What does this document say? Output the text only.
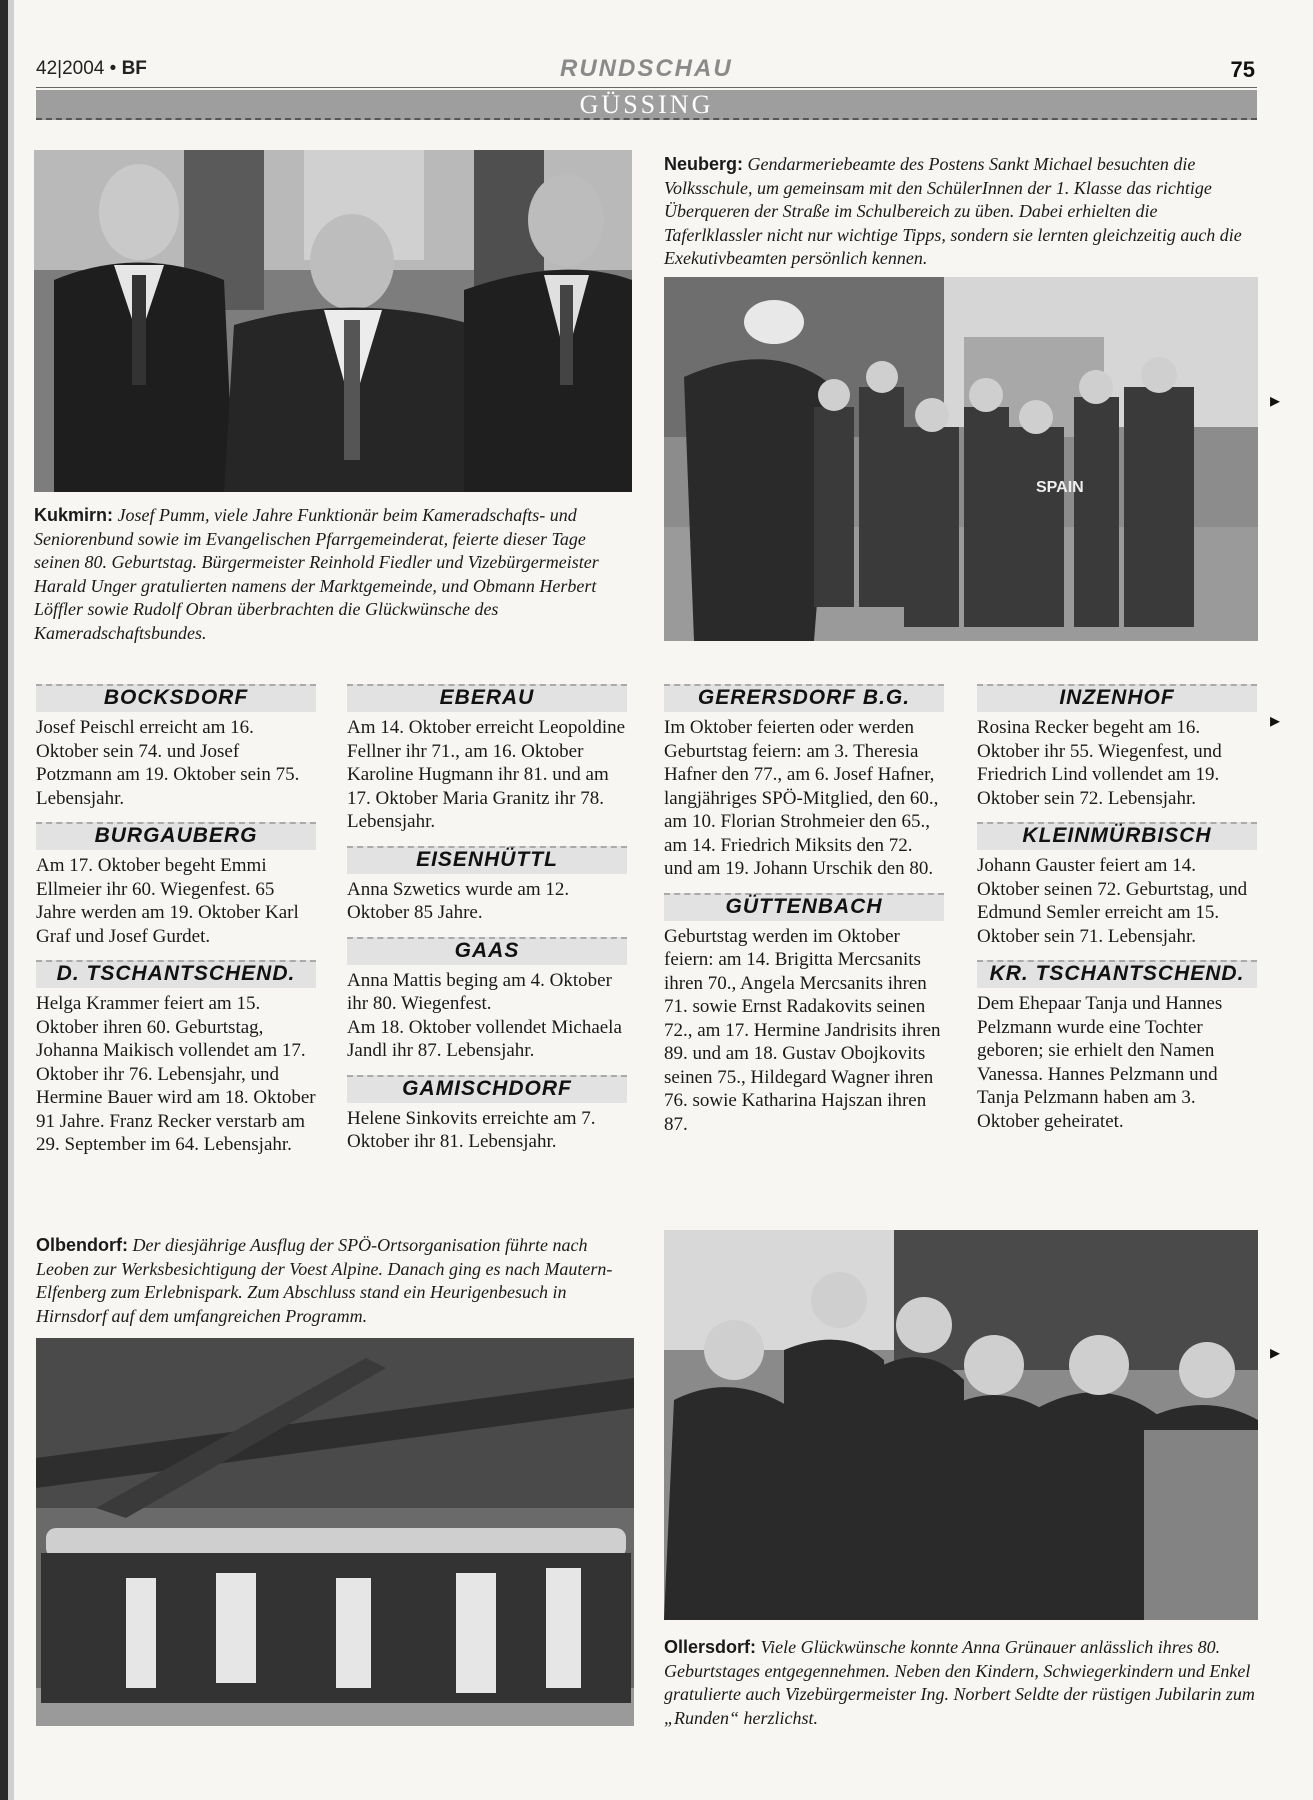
42|2004 • BF	RUNDSCHAU	75
GÜSSING
Kukmirn: Josef Pumm, viele Jahre Funktionär beim Kameradschafts- und Seniorenbund sowie im Evangelischen Pfarrgemeinderat, feierte dieser Tage seinen 80. Geburtstag. Bürgermeister Reinhold Fiedler und Vizebürgermeister Harald Unger gratulierten namens der Marktgemeinde, und Obmann Herbert Löffler sowie Rudolf Obran überbrachten die Glückwünsche des Kameradschaftsbundes.
Neuberg: Gendarmeriebeamte des Postens Sankt Michael besuchten die Volksschule, um gemeinsam mit den SchülerInnen der 1. Klasse das richtige Überqueren der Straße im Schulbereich zu üben. Dabei erhielten die Taferlklassler nicht nur wichtige Tipps, sondern sie lernten gleichzeitig auch die Exekutivbeamten persönlich kennen.
SPAIN
▸
BOCKSDORF
Josef Peischl erreicht am 16. Oktober sein 74. und Josef Potzmann am 19. Oktober sein 75. Lebensjahr.
BURGAUBERG
Am 17. Oktober begeht Emmi Ellmeier ihr 60. Wiegenfest. 65 Jahre werden am 19. Oktober Karl Graf und Josef Gurdet.
D. TSCHANTSCHEND.
Helga Krammer feiert am 15. Oktober ihren 60. Geburtstag, Johanna Maikisch vollendet am 17. Oktober ihr 76. Lebensjahr, und Hermine Bauer wird am 18. Oktober 91 Jahre. Franz Recker verstarb am 29. September im 64. Lebensjahr.
EBERAU
Am 14. Oktober erreicht Leopoldine Fellner ihr 71., am 16. Oktober Karoline Hugmann ihr 81. und am 17. Oktober Maria Granitz ihr 78. Lebensjahr.
EISENHÜTTL
Anna Szwetics wurde am 12. Oktober 85 Jahre.
GAAS
Anna Mattis beging am 4. Oktober ihr 80. Wiegenfest.
Am 18. Oktober vollendet Michaela Jandl ihr 87. Lebensjahr.
GAMISCHDORF
Helene Sinkovits erreichte am 7. Oktober ihr 81. Lebensjahr.
GERERSDORF B.G.
Im Oktober feierten oder werden Geburtstag feiern: am 3. Theresia Hafner den 77., am 6. Josef Hafner, langjähriges SPÖ-Mitglied, den 60., am 10. Florian Strohmeier den 65., am 14. Friedrich Miksits den 72. und am 19. Johann Urschik den 80.
GÜTTENBACH
Geburtstag werden im Oktober feiern: am 14. Brigitta Mercsanits ihren 70., Angela Mercsanits ihren 71. sowie Ernst Radakovits seinen 72., am 17. Hermine Jandrisits ihren 89. und am 18. Gustav Obojkovits seinen 75., Hildegard Wagner ihren 76. sowie Katharina Hajszan ihren 87.
INZENHOF
Rosina Recker begeht am 16. Oktober ihr 55. Wiegenfest, und Friedrich Lind vollendet am 19. Oktober sein 72. Lebensjahr.
KLEINMÜRBISCH
Johann Gauster feiert am 14. Oktober seinen 72. Geburtstag, und Edmund Semler erreicht am 15. Oktober sein 71. Lebensjahr.
KR. TSCHANTSCHEND.
Dem Ehepaar Tanja und Hannes Pelzmann wurde eine Tochter geboren; sie erhielt den Namen Vanessa. Hannes Pelzmann und Tanja Pelzmann haben am 3. Oktober geheiratet.
▸
Olbendorf: Der diesjährige Ausflug der SPÖ-Ortsorganisation führte nach Leoben zur Werksbesichtigung der Voest Alpine. Danach ging es nach Mautern-Elfenberg zum Erlebnispark. Zum Abschluss stand ein Heurigenbesuch in Hirnsdorf auf dem umfangreichen Programm.
▸
Ollersdorf: Viele Glückwünsche konnte Anna Grünauer anlässlich ihres 80. Geburtstages entgegennehmen. Neben den Kindern, Schwiegerkindern und Enkel gratulierte auch Vizebürgermeister Ing. Norbert Seldte der rüstigen Jubilarin zum „Runden“ herzlichst.
